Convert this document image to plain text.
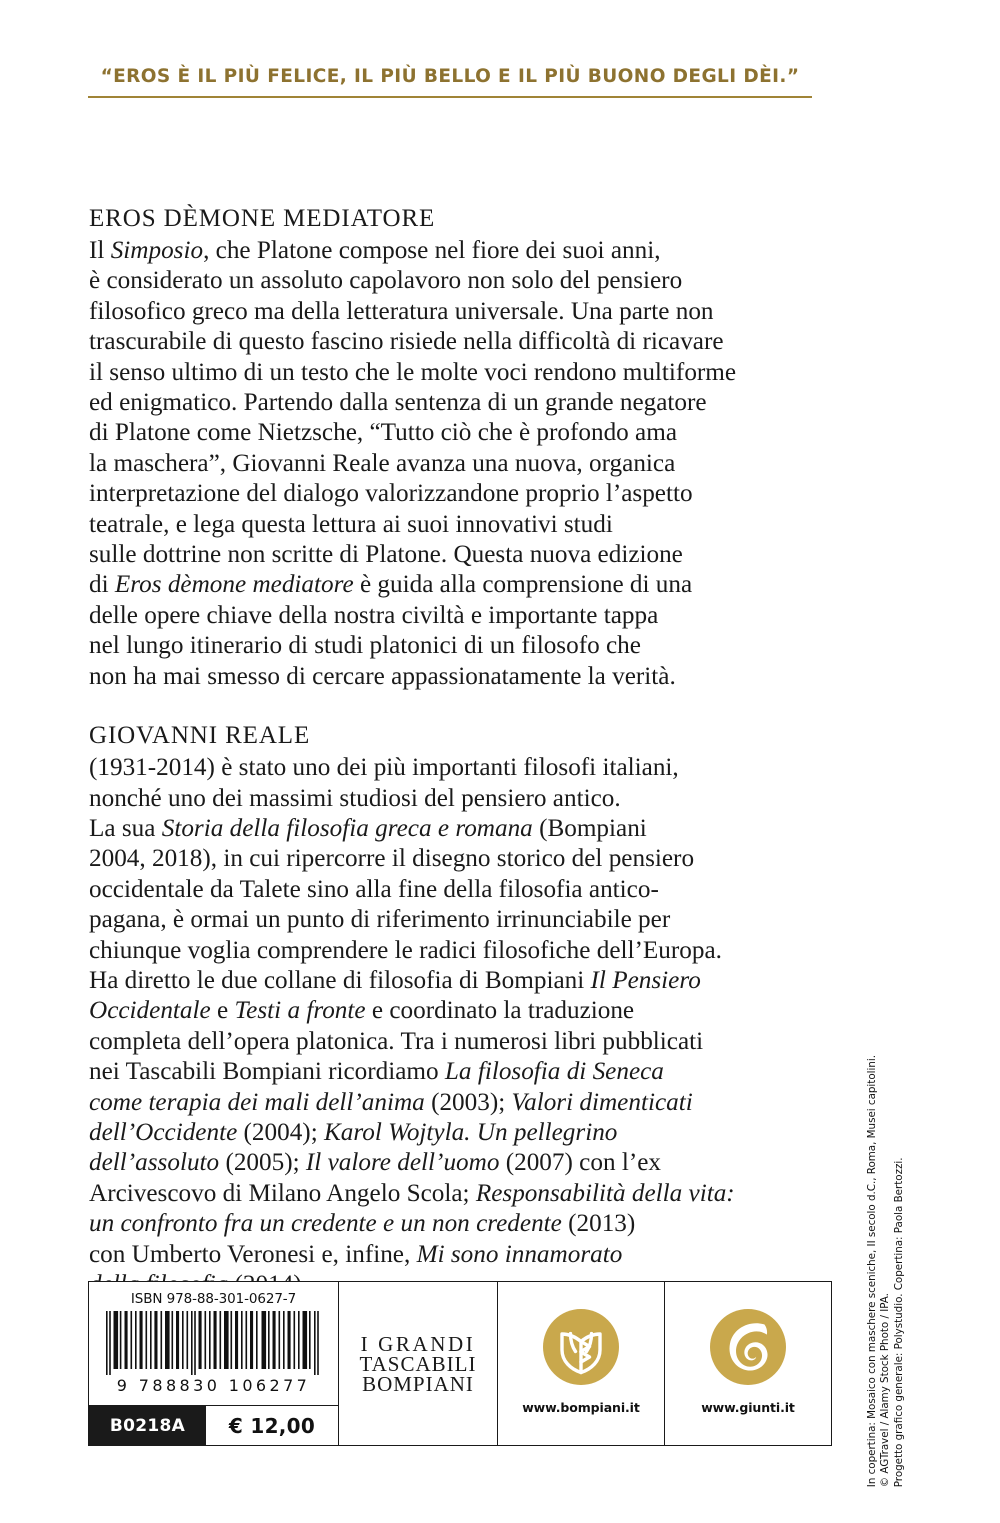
“EROS È IL PIÙ FELICE, IL PIÙ BELLO E IL PIÙ BUONO DEGLI DÈI.”
EROS DÈMONE MEDIATORE
Il Simposio, che Platone compose nel fiore dei suoi anni,
è considerato un assoluto capolavoro non solo del pensiero
filosofico greco ma della letteratura universale. Una parte non
trascurabile di questo fascino risiede nella difficoltà di ricavare
il senso ultimo di un testo che le molte voci rendono multiforme
ed enigmatico. Partendo dalla sentenza di un grande negatore
di Platone come Nietzsche, “Tutto ciò che è profondo ama
la maschera”, Giovanni Reale avanza una nuova, organica
interpretazione del dialogo valorizzandone proprio l’aspetto
teatrale, e lega questa lettura ai suoi innovativi studi
sulle dottrine non scritte di Platone. Questa nuova edizione
di Eros dèmone mediatore è guida alla comprensione di una
delle opere chiave della nostra civiltà e importante tappa
nel lungo itinerario di studi platonici di un filosofo che
non ha mai smesso di cercare appassionatamente la verità.
GIOVANNI REALE
(1931-2014) è stato uno dei più importanti filosofi italiani,
nonché uno dei massimi studiosi del pensiero antico.
La sua Storia della filosofia greca e romana (Bompiani
2004, 2018), in cui ripercorre il disegno storico del pensiero
occidentale da Talete sino alla fine della filosofia antico-
pagana, è ormai un punto di riferimento irrinunciabile per
chiunque voglia comprendere le radici filosofiche dell’Europa.
Ha diretto le due collane di filosofia di Bompiani Il Pensiero
Occidentale e Testi a fronte e coordinato la traduzione
completa dell’opera platonica. Tra i numerosi libri pubblicati
nei Tascabili Bompiani ricordiamo La filosofia di Seneca
come terapia dei mali dell’anima (2003); Valori dimenticati
dell’Occidente (2004); Karol Wojtyla. Un pellegrino
dell’assoluto (2005); Il valore dell’uomo (2007) con l’ex
Arcivescovo di Milano Angelo Scola; Responsabilità della vita:
un confronto fra un credente e un non credente (2013)
con Umberto Veronesi e, infine, Mi sono innamorato

ISBN 978-88-301-0627-7
9 788830 106277
B0218A	€ 12,00
I GRANDI
TASCABILI
BOMPIANI
www.bompiani.it	www.giunti.it	In copertina: Mosaico con maschere sceniche, II secolo d.C., Roma, Musei capitolini. © AGTravel / Alamy Stock Photo / IPA. Progetto grafico generale: Polystudio. Copertina: Paola Bertozzi.
